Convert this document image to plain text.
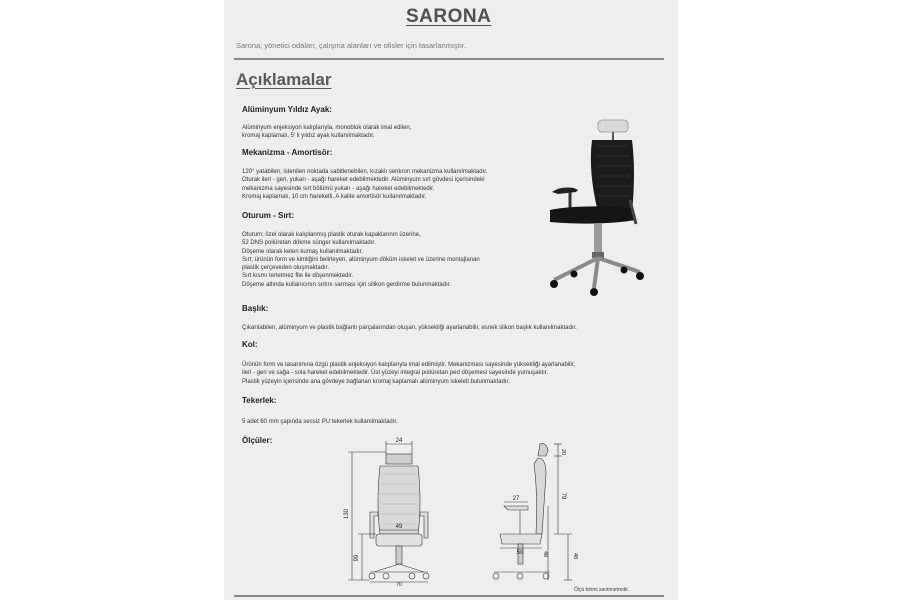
SARONA
Sarona; yönetici odaları, çalışma alanları ve ofisler için tasarlanmıştır.
Açıklamalar
Alüminyum Yıldız Ayak:
Alüminyum enjeksiyon kalıplarıyla, monoblok olarak imal edilen,
kromaj kaplamalı, 5' li yıldız ayak kullanılmaktadır.
Mekanizma - Amortisör:
120° yatabilen, istenilen noktada sabitlenebilen, kızaklı senkron mekanizma kullanılmaktadır.
Oturak ileri - geri, yukarı - aşağı hareket edebilmektedir. Alüminyum sırt gövdesi içerisindeki
mekanizma sayesinde sırt bölümü yukarı - aşağı hareket edebilmektedir.
Kromaj kaplamalı, 10 cm hareketli, A kalite amortisör kullanılmaktadır.
Oturum - Sırt:
Oturum; özel olarak kalıplanmış plastik oturak kapaklarının üzerine,
52 DNS poliüretan dökme sünger kullanılmaktadır.
Döşeme olarak keten kumaş kullanılmaktadır.
Sırt; ürünün form ve kimliğini belirleyen, alüminyum döküm iskelet ve üzerine montajlanan
plastik çerçeveden oluşmaktadır.
Sırt kısmı terletmez file ile döşenmektedir.
Döşeme altında kullanıcının sırtını sarması için silikon gerdirme bulunmaktadır.
Başlık:
Çıkarılabilen, alüminyum ve plastik bağlantı parçalarından oluşan, yüksekliği ayarlanabilir, esnek slikon başlık kullanılmaktadır.
Kol:
Ürünün form ve tasarımına özgü plastik enjeksiyon kalıplarıyla imal edilmiştir. Mekanizması sayesinde yüksekliği ayarlanabilir,
ileri - geri ve sağa - sola hareket edebilmektedir. Üst yüzeyi integral poliüretan ped döşemesi sayesinde yumuşaktır.
Plastik yüzeyin içerisinde ana gövdeye bağlanan kromaj kaplamalı alüminyum iskeleti bulunmaktadır.
Tekerlek:
5 adet 60 mm çapında sessiz PU tekerlek kullanılmaktadır.
Ölçüler:	24
130
99
49
70
20
79
27
50	48	48
Ölçü birimi santimetredir.
